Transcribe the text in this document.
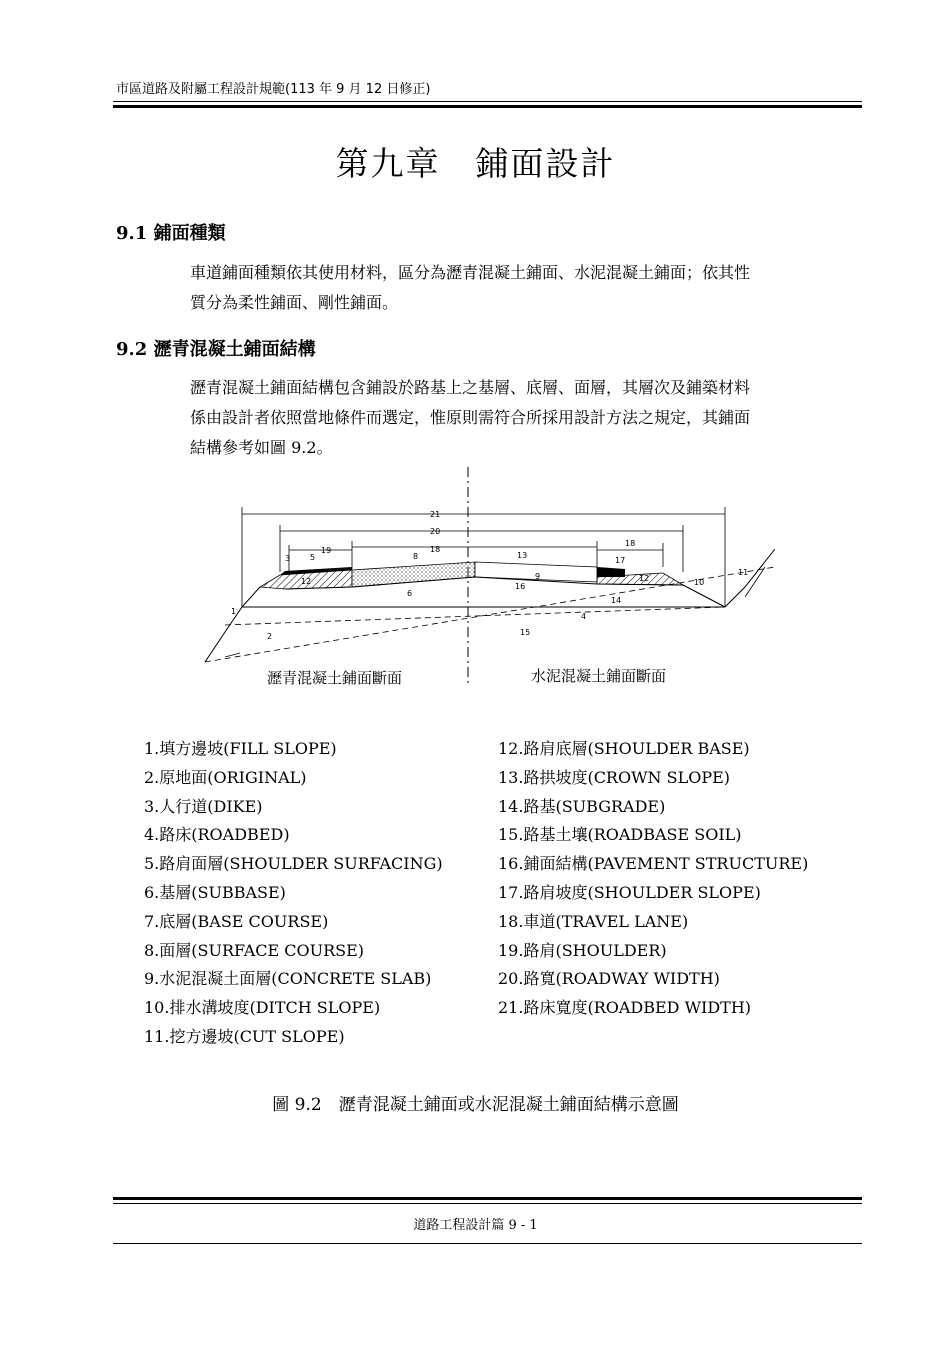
市區道路及附屬工程設計規範(113 年 9 月 12 日修正)
第九章　鋪面設計
9.1 鋪面種類

車道鋪面種類依其使用材料，區分為瀝青混凝土鋪面、水泥混凝土鋪面；依其性

質分為柔性鋪面、剛性鋪面。

9.2 瀝青混凝土鋪面結構

瀝青混凝土鋪面結構包含鋪設於路基上之基層、底層、面層，其層次及鋪築材料

係由設計者依照當地條件而選定，惟原則需符合所採用設計方法之規定，其鋪面

結構參考如圖 9.2。

1
2
3
4
5
6
8
9
10
11
12	12
13
14
15
16
17
18
18
19
20
21
瀝青混凝土鋪面斷面	水泥混凝土鋪面斷面
1.填方邊坡(FILL SLOPE)
2.原地面(ORIGINAL)
3.人行道(DIKE)
4.路床(ROADBED)
5.路肩面層(SHOULDER SURFACING)
6.基層(SUBBASE)
7.底層(BASE COURSE)
8.面層(SURFACE COURSE)
9.水泥混凝土面層(CONCRETE SLAB)
10.排水溝坡度(DITCH SLOPE)
11.挖方邊坡(CUT SLOPE)
12.路肩底層(SHOULDER BASE)
13.路拱坡度(CROWN SLOPE)
14.路基(SUBGRADE)
15.路基土壤(ROADBASE SOIL)
16.鋪面結構(PAVEMENT STRUCTURE)
17.路肩坡度(SHOULDER SLOPE)
18.車道(TRAVEL LANE)
19.路肩(SHOULDER)
20.路寬(ROADWAY WIDTH)
21.路床寬度(ROADBED WIDTH)
圖 9.2　瀝青混凝土鋪面或水泥混凝土鋪面結構示意圖
道路工程設計篇 9 - 1
